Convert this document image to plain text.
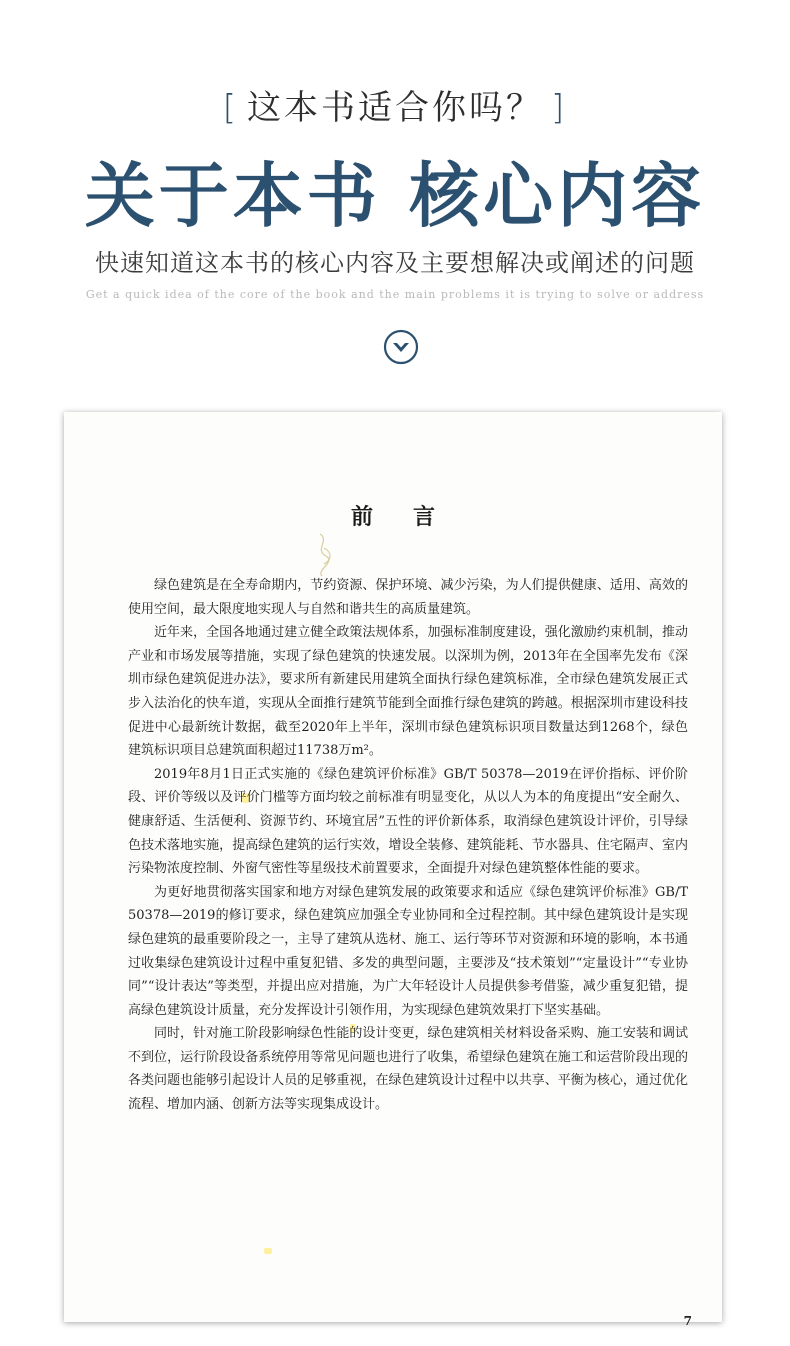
[ 这本书适合你吗？ ]
关于本书 核心内容
快速知道这本书的核心内容及主要想解决或阐述的问题
Get a quick idea of the core of the book and the main problems it is trying to solve or address
前言

绿色建筑是在全寿命期内，节约资源、保护环境、减少污染，为人们提供健康、适用、高效的使用空间，最大限度地实现人与自然和谐共生的高质量建筑。

近年来，全国各地通过建立健全政策法规体系，加强标准制度建设，强化激励约束机制，推动产业和市场发展等措施，实现了绿色建筑的快速发展。以深圳为例，2013年在全国率先发布《深圳市绿色建筑促进办法》，要求所有新建民用建筑全面执行绿色建筑标准，全市绿色建筑发展正式步入法治化的快车道，实现从全面推行建筑节能到全面推行绿色建筑的跨越。根据深圳市建设科技促进中心最新统计数据，截至2020年上半年，深圳市绿色建筑标识项目数量达到1268个，绿色建筑标识项目总建筑面积超过11738万m²。

2019年8月1日正式实施的《绿色建筑评价标准》GB/T 50378—2019在评价指标、评价阶段、评价等级以及评价门槛等方面均较之前标准有明显变化，从以人为本的角度提出“安全耐久、健康舒适、生活便利、资源节约、环境宜居”五性的评价新体系，取消绿色建筑设计评价，引导绿色技术落地实施，提高绿色建筑的运行实效，增设全装修、建筑能耗、节水器具、住宅隔声、室内污染物浓度控制、外窗气密性等星级技术前置要求，全面提升对绿色建筑整体性能的要求。

为更好地贯彻落实国家和地方对绿色建筑发展的政策要求和适应《绿色建筑评价标准》GB/T 50378—2019的修订要求，绿色建筑应加强全专业协同和全过程控制。其中绿色建筑设计是实现绿色建筑的最重要阶段之一，主导了建筑从选材、施工、运行等环节对资源和环境的影响，本书通过收集绿色建筑设计过程中重复犯错、多发的典型问题，主要涉及“技术策划”“定量设计”“专业协同”“设计表达”等类型，并提出应对措施，为广大年轻设计人员提供参考借鉴，减少重复犯错，提高绿色建筑设计质量，充分发挥设计引领作用，为实现绿色建筑效果打下坚实基础。

同时，针对施工阶段影响绿色性能的设计变更，绿色建筑相关材料设备采购、施工安装和调试不到位，运行阶段设备系统停用等常见问题也进行了收集，希望绿色建筑在施工和运营阶段出现的各类问题也能够引起设计人员的足够重视，在绿色建筑设计过程中以共享、平衡为核心，通过优化流程、增加内涵、创新方法等实现集成设计。

7
